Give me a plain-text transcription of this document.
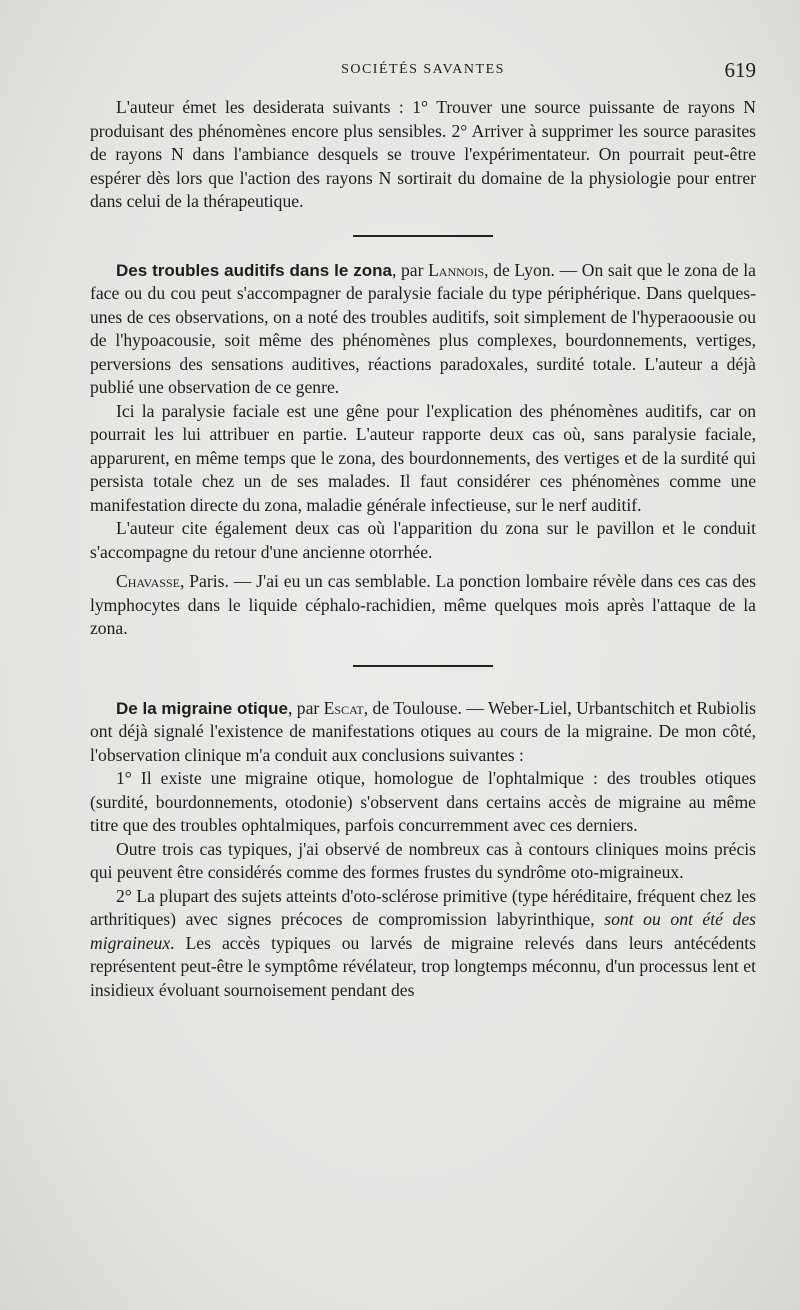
SOCIÉTÉS SAVANTES	619

L'auteur émet les desiderata suivants : 1° Trouver une source puissante de rayons N produisant des phénomènes encore plus sensibles. 2° Arriver à supprimer les source parasites de rayons N dans l'ambiance desquels se trouve l'expérimentateur. On pourrait peut-être espérer dès lors que l'action des rayons N sortirait du domaine de la physiologie pour entrer dans celui de la thérapeutique.

Des troubles auditifs dans le zona, par Lannois, de Lyon. — On sait que le zona de la face ou du cou peut s'accompagner de paralysie faciale du type périphérique. Dans quelques-unes de ces observations, on a noté des troubles auditifs, soit simplement de l'hyperaoousie ou de l'hypoacousie, soit même des phénomènes plus complexes, bourdonnements, vertiges, perversions des sensations auditives, réactions paradoxales, surdité totale. L'auteur a déjà publié une observation de ce genre.

Ici la paralysie faciale est une gêne pour l'explication des phénomènes auditifs, car on pourrait les lui attribuer en partie. L'auteur rapporte deux cas où, sans paralysie faciale, apparurent, en même temps que le zona, des bourdonnements, des vertiges et de la surdité qui persista totale chez un de ses malades. Il faut considérer ces phénomènes comme une manifestation directe du zona, maladie générale infectieuse, sur le nerf auditif.

L'auteur cite également deux cas où l'apparition du zona sur le pavillon et le conduit s'accompagne du retour d'une ancienne otorrhée.

Chavasse, Paris. — J'ai eu un cas semblable. La ponction lombaire révèle dans ces cas des lymphocytes dans le liquide céphalo-rachidien, même quelques mois après l'attaque de la zona.

De la migraine otique, par Escat, de Toulouse. — Weber-Liel, Urbantschitch et Rubiolis ont déjà signalé l'existence de manifestations otiques au cours de la migraine. De mon côté, l'observation clinique m'a conduit aux conclusions suivantes :

1° Il existe une migraine otique, homologue de l'ophtalmique : des troubles otiques (surdité, bourdonnements, otodonie) s'observent dans certains accès de migraine au même titre que des troubles ophtalmiques, parfois concurremment avec ces derniers.

Outre trois cas typiques, j'ai observé de nombreux cas à contours cliniques moins précis qui peuvent être considérés comme des formes frustes du syndrôme oto-migraineux.

2° La plupart des sujets atteints d'oto-sclérose primitive (type héréditaire, fréquent chez les arthritiques) avec signes précoces de compromission labyrinthique, sont ou ont été des migraineux. Les accès typiques ou larvés de migraine relevés dans leurs antécédents représentent peut-être le symptôme révélateur, trop longtemps méconnu, d'un processus lent et insidieux évoluant sournoisement pendant des
